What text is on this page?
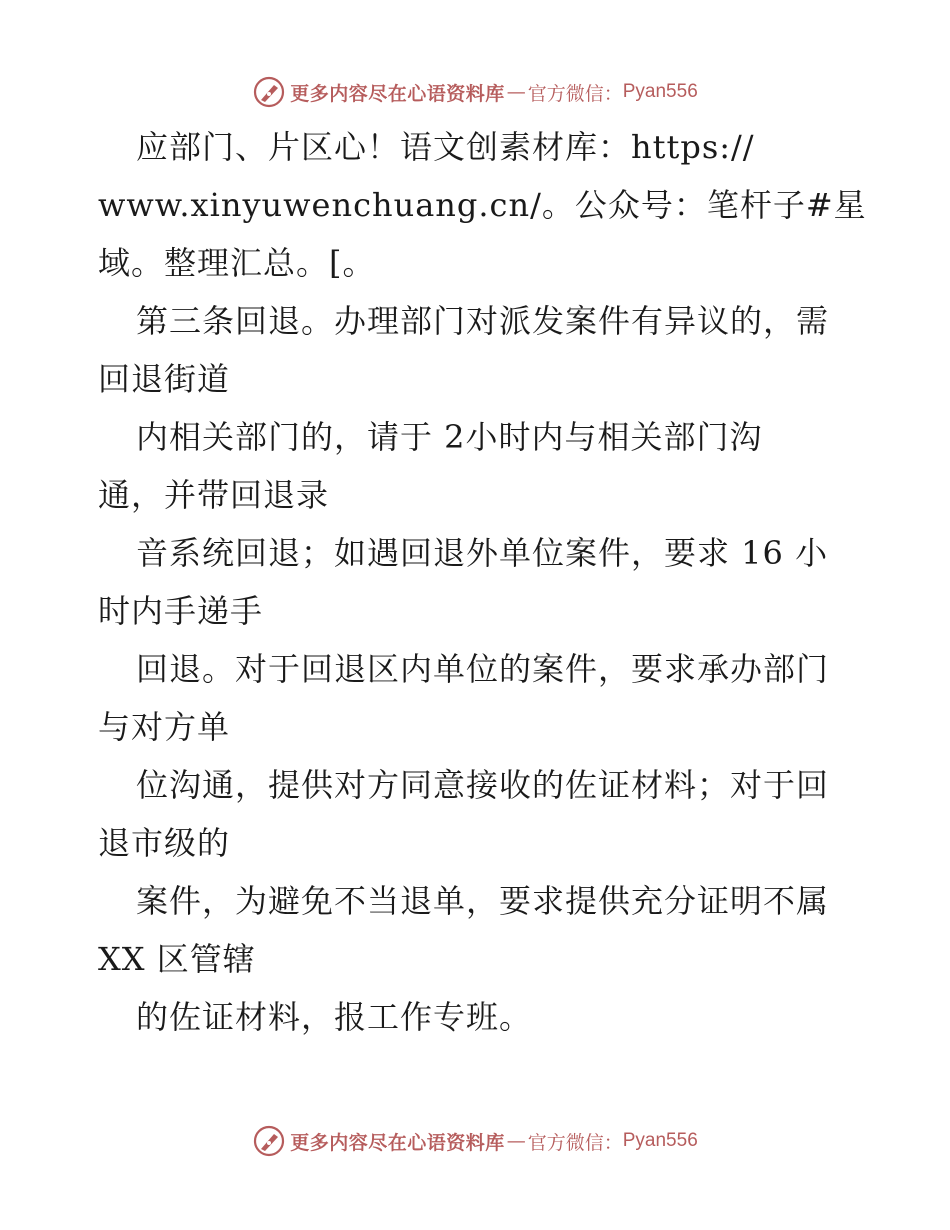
更多内容尽在心语资料库 — 官方微信： Pyan556
应部门、片区心！语文创素材库：https://
www.xinyuwenchuang.cn/。公众号：笔杆子#星
域。整理汇总。[。
第三条回退。办理部门对派发案件有异议的，需
回退街道
内相关部门的，请于 2小时内与相关部门沟
通，并带回退录
音系统回退；如遇回退外单位案件，要求 16 小
时内手递手
回退。对于回退区内单位的案件，要求承办部门
与对方单
位沟通，提供对方同意接收的佐证材料；对于回
退市级的
案件，为避免不当退单，要求提供充分证明不属
XX 区管辖
的佐证材料，报工作专班。
更多内容尽在心语资料库 — 官方微信： Pyan556
